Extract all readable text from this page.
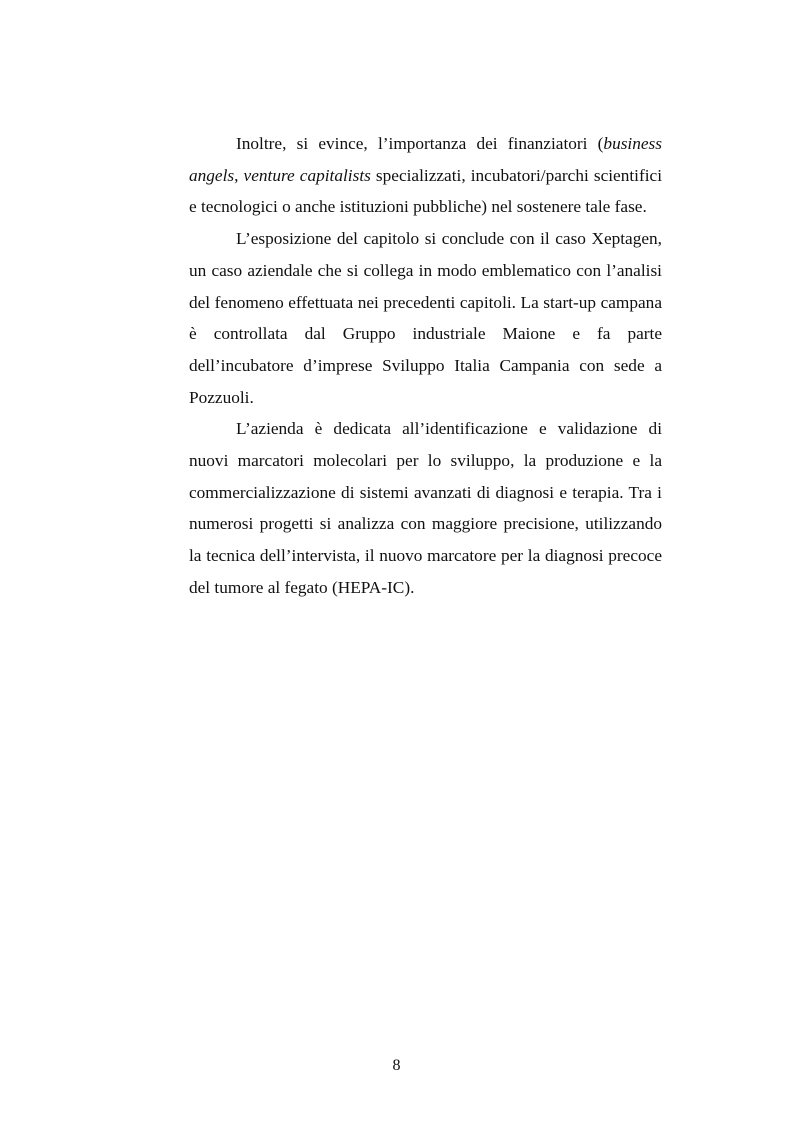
Inoltre, si evince, l’importanza dei finanziatori (business angels, venture capitalists specializzati, incubatori/parchi scientifici e tecnologici o anche istituzioni pubbliche) nel sostenere tale fase.

L’esposizione del capitolo si conclude con il caso Xeptagen, un caso aziendale che si collega in modo emblematico con l’analisi del fenomeno effettuata nei precedenti capitoli. La start-up campana è controllata dal Gruppo industriale Maione e fa parte dell’incubatore d’imprese Sviluppo Italia Campania con sede a Pozzuoli.

L’azienda è dedicata all’identificazione e validazione di nuovi marcatori molecolari per lo sviluppo, la produzione e la commercializzazione di sistemi avanzati di diagnosi e terapia. Tra i numerosi progetti si analizza con maggiore precisione, utilizzando la tecnica dell’intervista, il nuovo marcatore per la diagnosi precoce del tumore al fegato (HEPA-IC).

8
